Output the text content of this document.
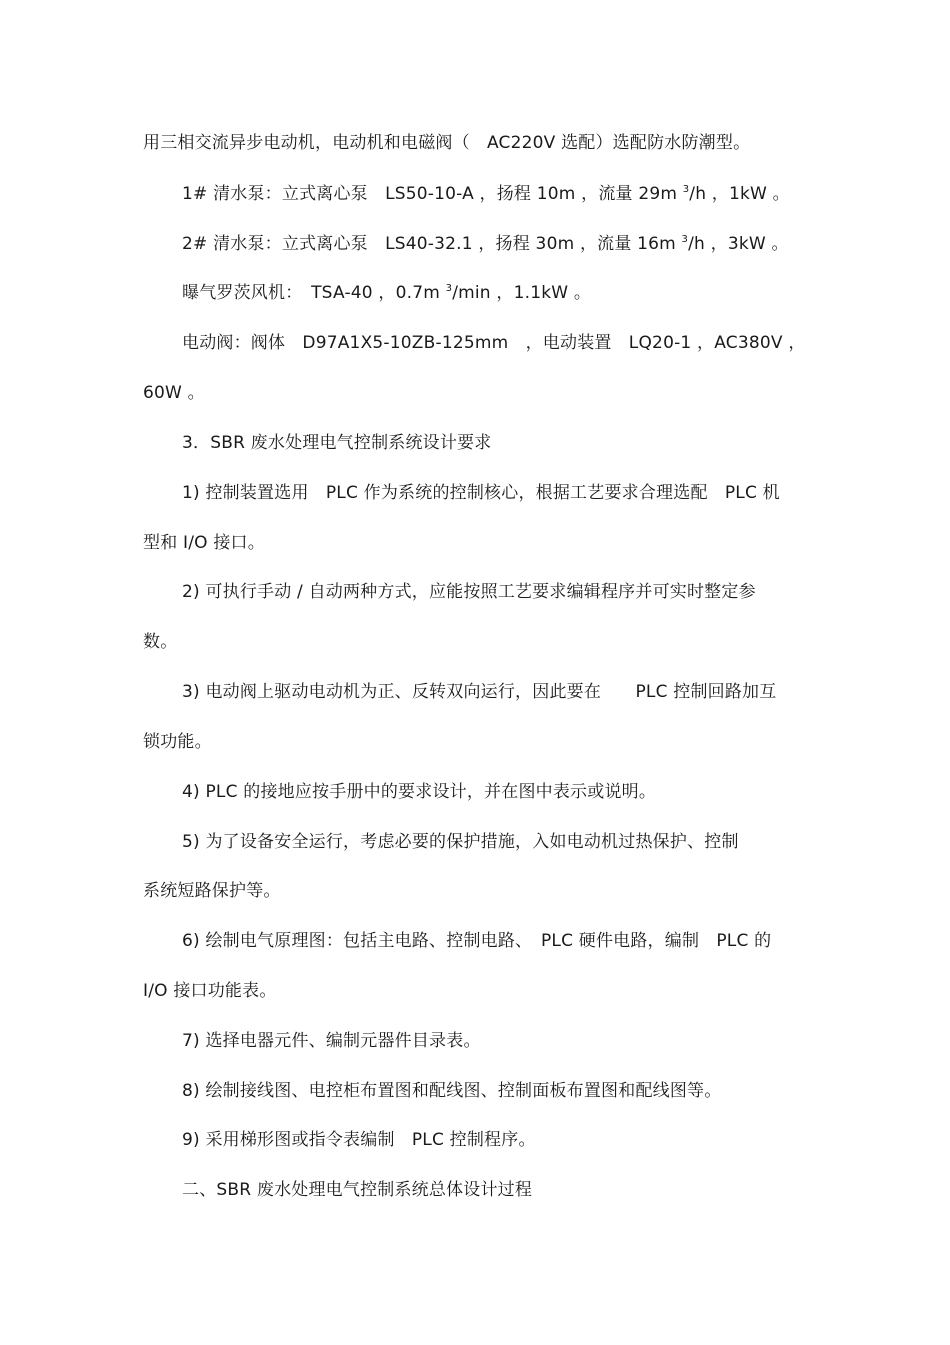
用三相交流异步电动机，电动机和电磁阀（　AC220V 选配）选配防水防潮型。
1# 清水泵：立式离心泵　LS50-10-A ，扬程 10m ，流量 29m $^3$/h ，1kW 。
2# 清水泵：立式离心泵　LS40-32.1 ，扬程 30m ，流量 16m $^3$/h ，3kW 。
曝气罗茨风机：　TSA-40 ，0.7m $^3$/min ，1.1kW 。
电动阀：阀体　D97A1X5-10ZB-125mm　，电动装置　LQ20-1 ，AC380V ，
60W 。
3．SBR 废水处理电气控制系统设计要求
1) 控制装置选用　PLC 作为系统的控制核心，根据工艺要求合理选配　PLC 机
型和 I/O 接口。
2) 可执行手动 / 自动两种方式，应能按照工艺要求编辑程序并可实时整定参
数。
3) 电动阀上驱动电动机为正、反转双向运行，因此要在　　PLC 控制回路加互
锁功能。
4) PLC 的接地应按手册中的要求设计，并在图中表示或说明。
5) 为了设备安全运行，考虑必要的保护措施，入如电动机过热保护、控制
系统短路保护等。
6) 绘制电气原理图：包括主电路、控制电路、　PLC 硬件电路，编制　PLC 的
I/O 接口功能表。
7) 选择电器元件、编制元器件目录表。
8) 绘制接线图、电控柜布置图和配线图、控制面板布置图和配线图等。
9) 采用梯形图或指令表编制　PLC 控制程序。
二、SBR 废水处理电气控制系统总体设计过程
